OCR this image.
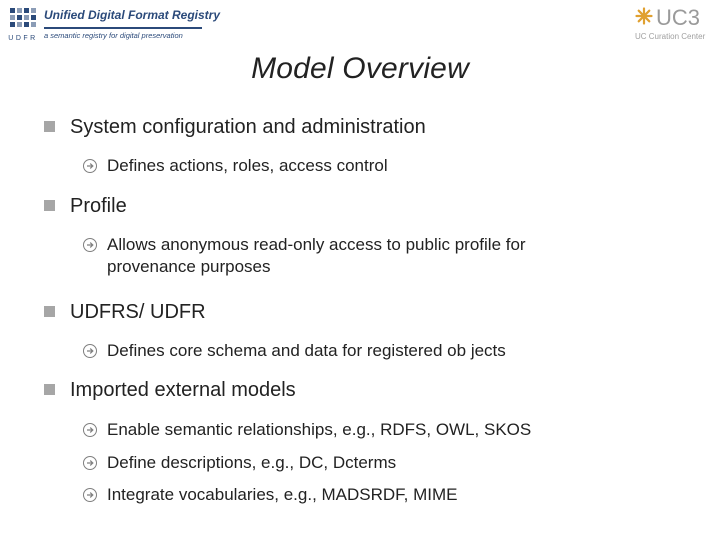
UDFR
Unified Digital Format Registry
a semantic registry for digital preservation
UC3
UC Curation Center
Model Overview
System configuration and administration
Defines actions, roles, access control
Profile
Allows anonymous read-only access to public profile for provenance purposes
UDFRS/ UDFR
Defines core schema and data for registered ob jects
Imported external models
Enable semantic relationships, e.g., RDFS, OWL, SKOS
Define descriptions, e.g., DC, Dcterms
Integrate vocabularies, e.g., MADSRDF, MIME
